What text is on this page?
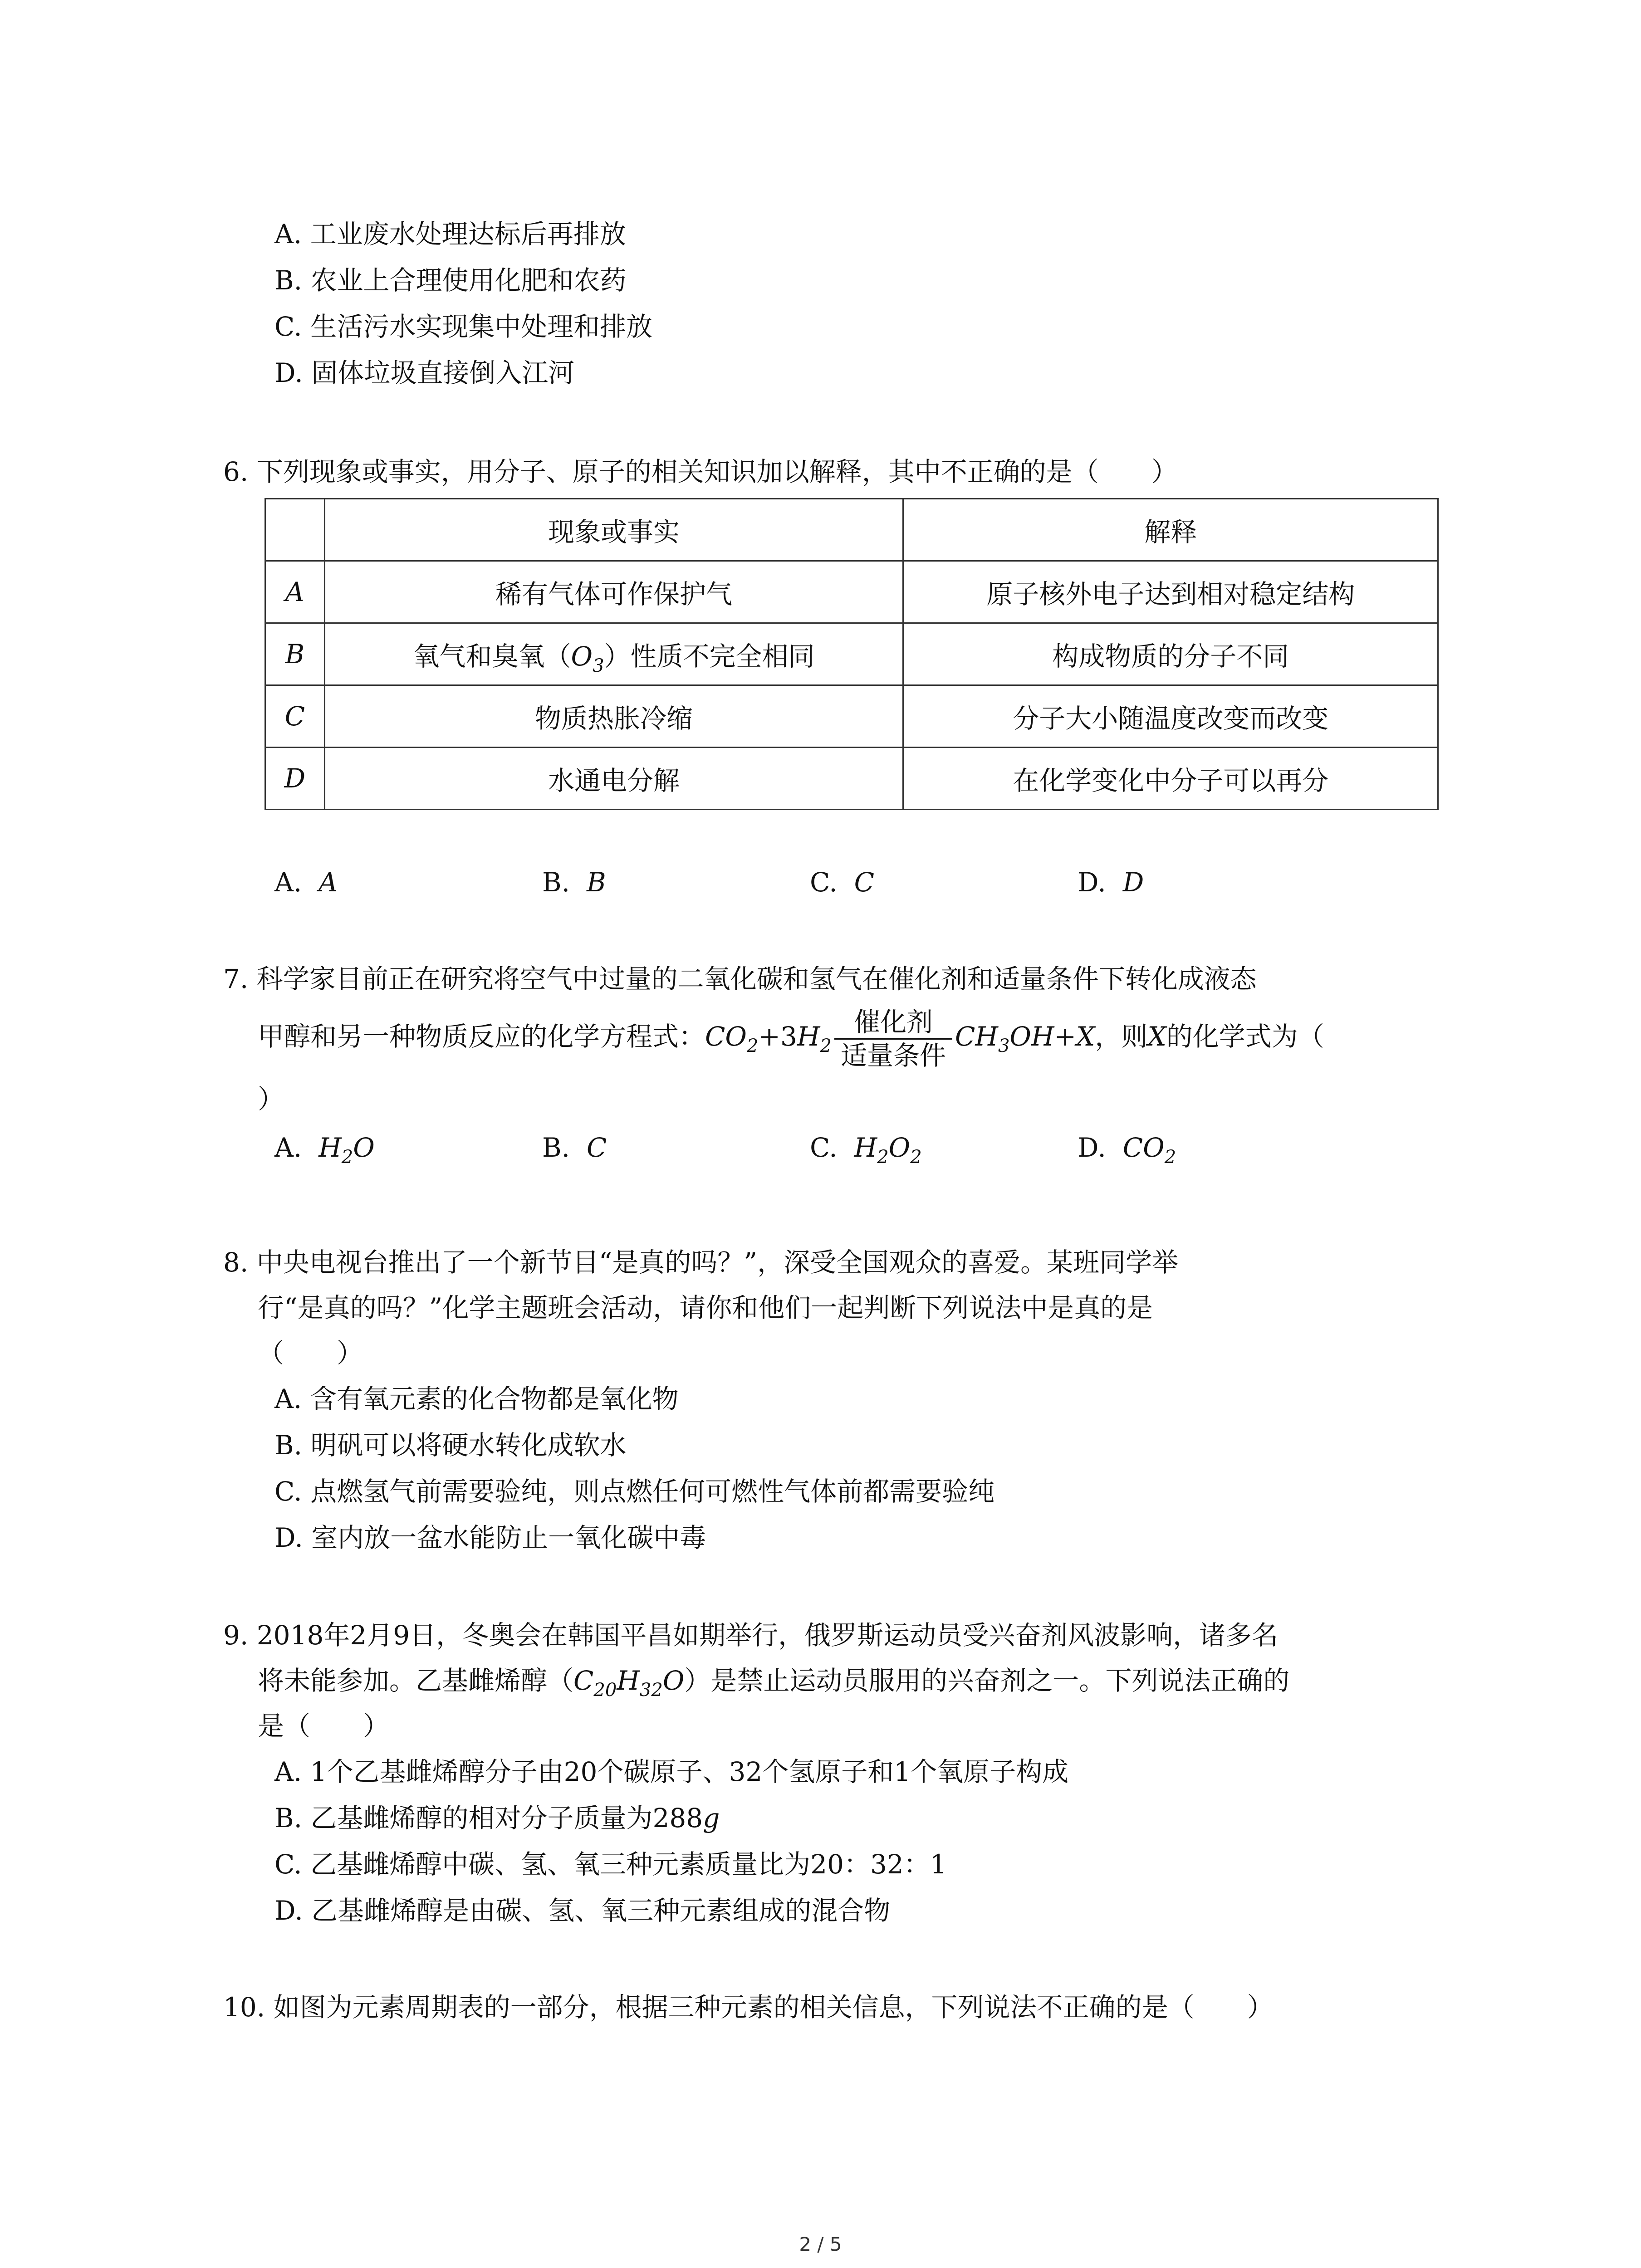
A. 工业废水处理达标后再排放
B. 农业上合理使用化肥和农药
C. 生活污水实现集中处理和排放
D. 固体垃圾直接倒入江河
6. 下列现象或事实，用分子、原子的相关知识加以解释，其中不正确的是（　　）
	现象或事实	解释
A	稀有气体可作保护气	原子核外电子达到相对稳定结构
B	氧气和臭氧$(O_3)$性质不完全相同	构成物质的分子不同
C	物质热胀冷缩	分子大小随温度改变而改变
D	水通电分解	在化学变化中分子可以再分
A. A	B. B	C. C	D. D
7. 科学家目前正在研究将空气中过量的二氧化碳和氢气在催化剂和适量条件下转化成液态
甲醇和另一种物质反应的化学方程式：$CO_2+3H_2 \frac{\text{催化剂}}{\text{适量条件}} CH_3OH+X$，则X的化学式为（
）
A. $H_2O$	B. C	C. $H_2O_2$	D. $CO_2$
8. 中央电视台推出了一个新节目“是真的吗？”，深受全国观众的喜爱。某班同学举
行“是真的吗？”化学主题班会活动，请你和他们一起判断下列说法中是真的是
（　　）
A. 含有氧元素的化合物都是氧化物
B. 明矾可以将硬水转化成软水
C. 点燃氢气前需要验纯，则点燃任何可燃性气体前都需要验纯
D. 室内放一盆水能防止一氧化碳中毒
9. 2018年2月9日，冬奥会在韩国平昌如期举行，俄罗斯运动员受兴奋剂风波影响，诸多名
将未能参加。乙基雌烯醇$(C_{20}H_{32}O)$是禁止运动员服用的兴奋剂之一。下列说法正确的
是（　　）
A. 1个乙基雌烯醇分子由20个碳原子、32个氢原子和1个氧原子构成
B. 乙基雌烯醇的相对分子质量为288g
C. 乙基雌烯醇中碳、氢、氧三种元素质量比为20：32：1
D. 乙基雌烯醇是由碳、氢、氧三种元素组成的混合物
10. 如图为元素周期表的一部分，根据三种元素的相关信息，下列说法不正确的是（　　）
2 / 5
